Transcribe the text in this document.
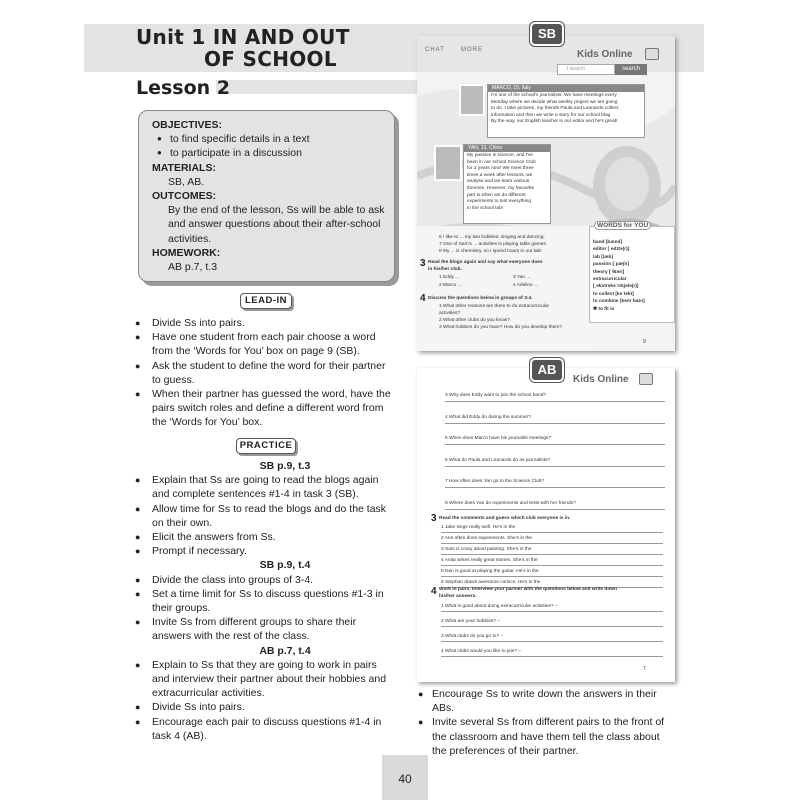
Unit 1 IN AND OUT
OF SCHOOL
Lesson 2
OBJECTIVES:
● to find specific details in a text
● to participate in a discussion
MATERIALS:
SB, AB.
OUTCOMES:
By the end of the lesson, Ss will be able to ask
and answer questions about their after-school
activities.
HOMEWORK:
AB p.7, t.3
LEAD-IN
● Divide Ss into pairs.
● Have one student from each pair choose a word
from the ‘Words for You’ box on page 9 (SB).
● Ask the student to define the word for their partner
to guess.
● When their partner has guessed the word, have the
pairs switch roles and define a different word from
the ‘Words for You’ box.
PRACTICE
SB p.9, t.3
● Explain that Ss are going to read the blogs again
and complete sentences #1-4 in task 3 (SB).
● Allow time for Ss to read the blogs and do the task
on their own.
● Elicit the answers from Ss.
● Prompt if necessary.
SB p.9, t.4
● Divide the class into groups of 3-4.
● Set a time limit for Ss to discuss questions #1-3 in
their groups.
● Invite Ss from different groups to share their
answers with the rest of the class.
AB p.7, t.4
● Explain to Ss that they are going to work in pairs
and interview their partner about their hobbies and
extracurricular activities.
● Divide Ss into pairs.
● Encourage each pair to discuss questions #1-4 in
task 4 (AB).
SB
CHAT	MORE	Kids Online
I search	search
MARCO, 15, Italy
I'm one of the school's journalists. We have meetings every
Monday where we decide what weekly project we are going
to do. I take pictures, my friends Paula and Leonardo collect
information and then we write a story for our school blog.
By the way, our English teacher is our editor and he's great!
YAN, 13, China
My passion is science, and I've
been in our school Science Club
for 3 years now! We meet three
times a week after lessons, we
analyse and we learn various
theories. However, my favourite
part is when we do different
experiments to test everything
in the school lab!
6 I like to ... my two hobbies: singing and dancing.
7 One of Sam's ... activities is playing table games.
8 My ... is chemistry, so I spend hours in our lab!
3 Read the blogs again and say what everyone does in his/her club.
1 Eddy ...	3 Yan ...
2 Marco ...	4 Adeline ...
4 Discuss the questions below in groups of 3-4.
1 What other reasons are there to do extracurricular
activities?
2 What other clubs do you know?
3 What hobbies do you have? How do you develop them?
WORDS for YOU
band [bænd]
editor [ˈedɪtə(r)]
lab [læb]
passion [ˈpæʃn]
theory [ˈθɪəri]
extracurricular
[ˌekstrəkəˈrɪkjələ(r)]
to collect [kəˈlekt]
to combine [kəmˈbaɪn]
✱ to fit in
9
AB
Kids Online
3 Why does Eddy want to join the school band?
4 What did Eddy do during the summer?
5 When does Marco have his journalist meetings?
6 What do Paula and Leonardo do as journalists?
7 How often does Yan go to the Science Club?
8 Where does Yan do experiments and tests with her friends?
3 Read the comments and guess which club everyone is in.
1 Jake sings really well. He's in the
2 Ann often does experiments. She's in the
3 Sam is crazy about painting. She's in the
4 Anita writes really great stories. She's in the
5 Dan is good at playing the guitar. He's in the
6 Stephan draws awesome comics. He's in the
4 Work in pairs. Interview your partner with the questions below and write down his/her answers.
1 What is good about doing extracurricular activities? –
2 What are your hobbies? –
3 What clubs do you go to? –
4 What clubs would you like to join? –
7
● Encourage Ss to write down the answers in their ABs.
● Invite several Ss from different pairs to the front of
the classroom and have them tell the class about
the preferences of their partner.
40
